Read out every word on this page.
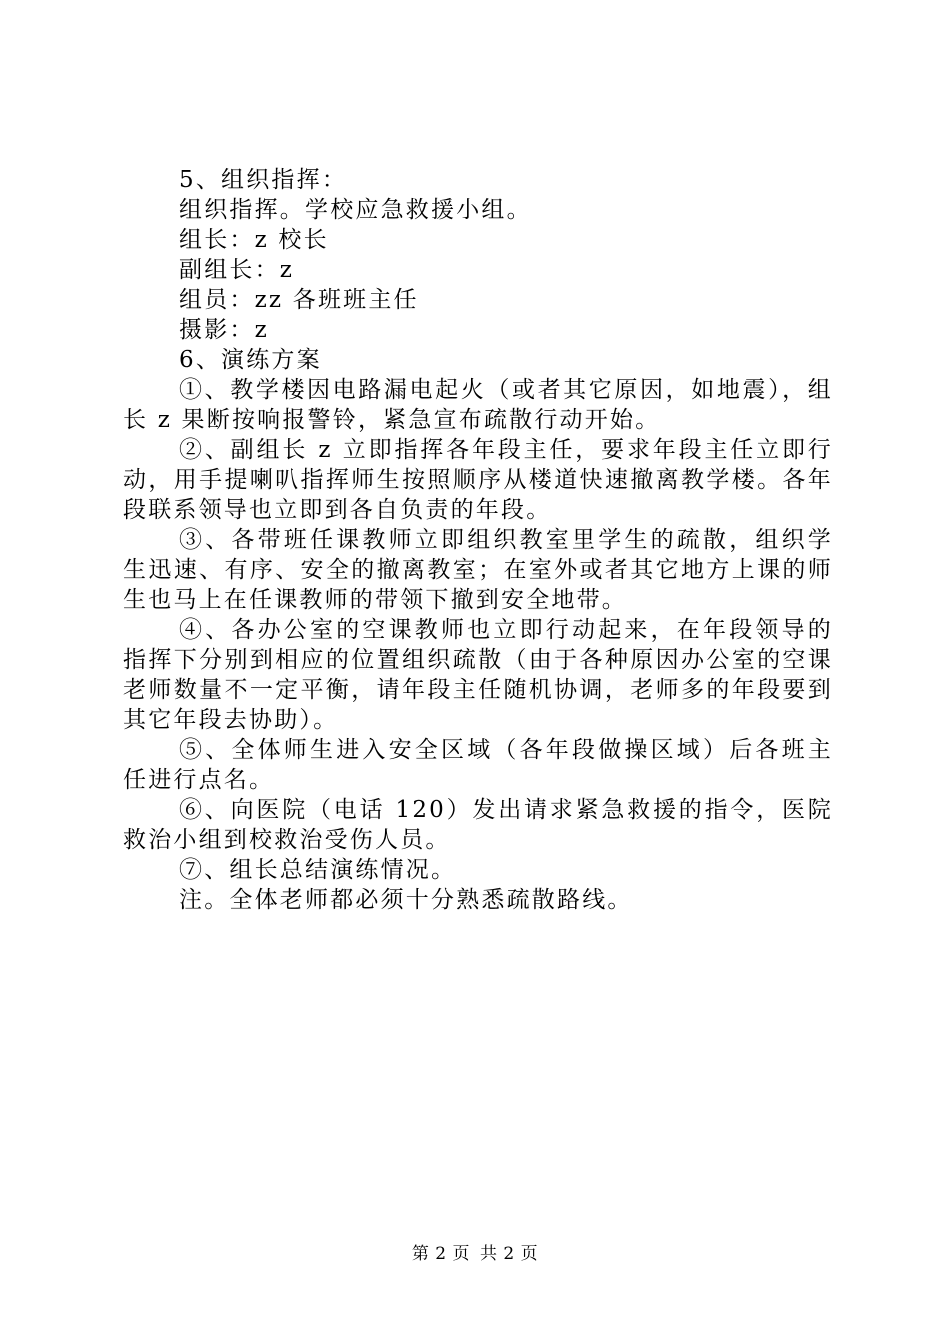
5、组织指挥：
组织指挥。学校应急救援小组。
组长：z 校长
副组长：z
组员：zz 各班班主任
摄影：z
6、演练方案
①、教学楼因电路漏电起火（或者其它原因，如地震），组长 z 果断按响报警铃，紧急宣布疏散行动开始。
②、副组长 z 立即指挥各年段主任，要求年段主任立即行动，用手提喇叭指挥师生按照顺序从楼道快速撤离教学楼。各年段联系领导也立即到各自负责的年段。
③、各带班任课教师立即组织教室里学生的疏散，组织学生迅速、有序、安全的撤离教室；在室外或者其它地方上课的师生也马上在任课教师的带领下撤到安全地带。
④、各办公室的空课教师也立即行动起来，在年段领导的指挥下分别到相应的位置组织疏散（由于各种原因办公室的空课老师数量不一定平衡，请年段主任随机协调，老师多的年段要到其它年段去协助）。
⑤、全体师生进入安全区域（各年段做操区域）后各班主任进行点名。
⑥、向医院（电话 120）发出请求紧急救援的指令，医院救治小组到校救治受伤人员。
⑦、组长总结演练情况。
注。全体老师都必须十分熟悉疏散路线。
第 2 页 共 2 页
